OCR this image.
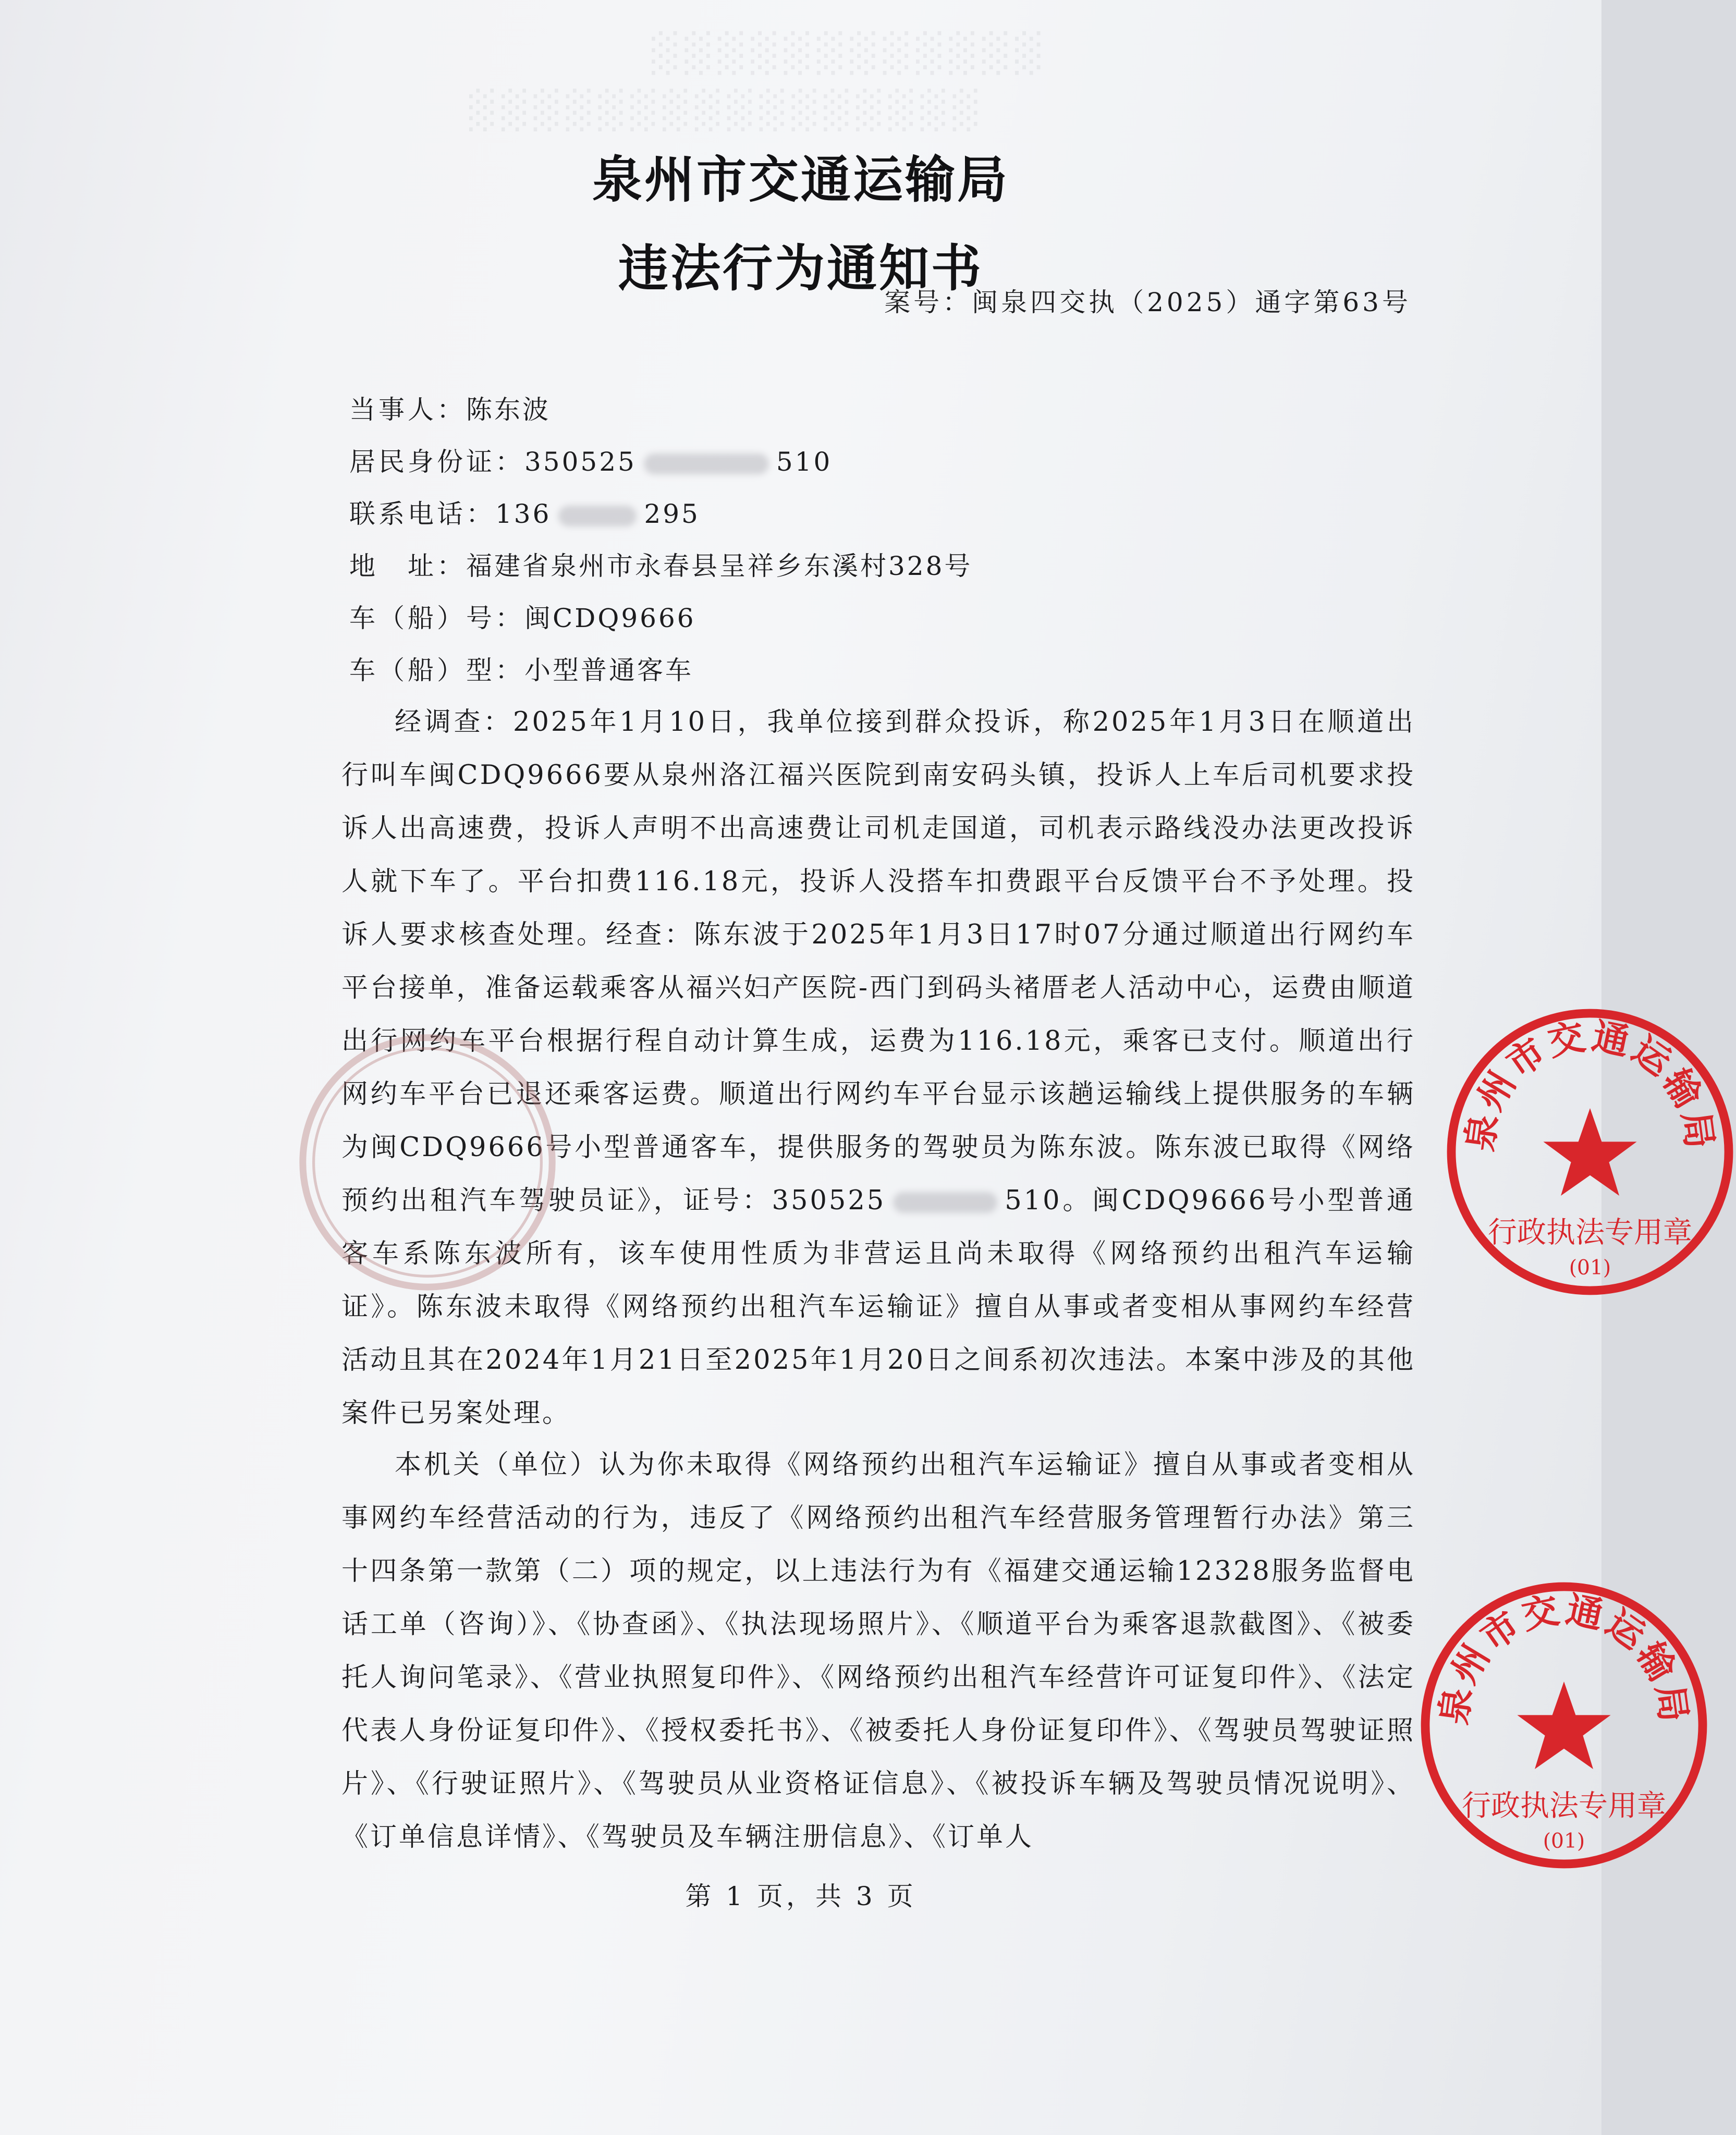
░░░░░░░░░░░░
░░░░░░░░░░░░░░░░
泉州市交通运输局
违法行为通知书
案号：闽泉四交执（2025）通字第63号
当事人：陈东波
居民身份证：350525	510
联系电话：136	295
地　址：福建省泉州市永春县呈祥乡东溪村328号
车（船）号：闽CDQ9666
车（船）型：小型普通客车

经调查：2025年1月10日，我单位接到群众投诉，称2025年1月3日在顺道出行叫车闽CDQ9666要从泉州洛江福兴医院到南安码头镇，投诉人上车后司机要求投诉人出高速费，投诉人声明不出高速费让司机走国道，司机表示路线没办法更改投诉人就下车了。平台扣费116.18元，投诉人没搭车扣费跟平台反馈平台不予处理。投诉人要求核查处理。经查：陈东波于2025年1月3日17时07分通过顺道出行网约车平台接单，准备运载乘客从福兴妇产医院-西门到码头褚厝老人活动中心，运费由顺道出行网约车平台根据行程自动计算生成，运费为116.18元，乘客已支付。顺道出行网约车平台已退还乘客运费。顺道出行网约车平台显示该趟运输线上提供服务的车辆为闽CDQ9666号小型普通客车，提供服务的驾驶员为陈东波。陈东波已取得《网络预约出租汽车驾驶员证》，证号：350525	510。闽CDQ9666号小型普通客车系陈东波所有，该车使用性质为非营运且尚未取得《网络预约出租汽车运输证》。陈东波未取得《网络预约出租汽车运输证》擅自从事或者变相从事网约车经营活动且其在2024年1月21日至2025年1月20日之间系初次违法。本案中涉及的其他案件已另案处理。

本机关（单位）认为你未取得《网络预约出租汽车运输证》擅自从事或者变相从事网约车经营活动的行为，违反了《网络预约出租汽车经营服务管理暂行办法》第三十四条第一款第（二）项的规定，以上违法行为有《福建交通运输12328服务监督电话工单（咨询）》、《协查函》、《执法现场照片》、《顺道平台为乘客退款截图》、《被委托人询问笔录》、《营业执照复印件》、《网络预约出租汽车经营许可证复印件》、《法定代表人身份证复印件》、《授权委托书》、《被委托人身份证复印件》、《驾驶员驾驶证照片》、《行驶证照片》、《驾驶员从业资格证信息》、《被投诉车辆及驾驶员情况说明》、《订单信息详情》、《驾驶员及车辆注册信息》、《订单人

第 1 页，共 3 页
泉州市交通运输局
行政执法专用章
(01)
泉州市交通运输局
行政执法专用章
(01)
